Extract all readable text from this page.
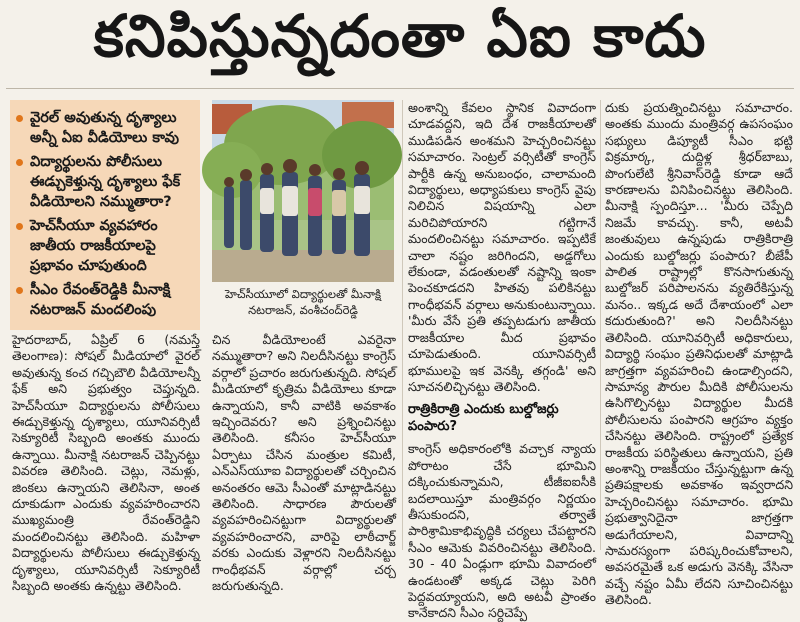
కనిపిస్తున్నదంతా ఏఐ కాదు
వైరల్ అవుతున్న దృశ్యాలు అన్నీ ఏఐ వీడియోలు కావు
విద్యార్థులను పోలీసులు ఈడ్చుకెళ్తున్న దృశ్యాలు ఫేక్ వీడియోలని నమ్ముతారా?
హెచ్‌సీయూ వ్యవహారం జాతీయ రాజకీయాలపై ప్రభావం చూపుతుంది
సీఎం రేవంత్‌రెడ్డికి మీనాక్షి నటరాజన్ మందలింపు

హైదరాబాద్, ఏప్రిల్ 6 (నమస్తే తెలంగాణ): సోషల్ మీడియాలో వైరల్ అవుతున్న కంచ గచ్చిబౌలి వీడియోలన్నీ ఫేక్ అని ప్రభుత్వం చెప్తున్నది. హెచ్‌సీయూ విద్యార్థులను పోలీసులు ఈడ్చుకెళ్తున్న దృశ్యాలు, యూనివర్సిటీ సెక్యూరిటీ సిబ్బంది అంతకు ముందు ఉన్నాయి. మీనాక్షి నటరాజన్ చెప్పినట్టు వివరణ తెలిసింది. చెట్లు, నెమళ్లు, జింకలు ఉన్నాయని తెలిసినా, అంత దూకుడుగా ఎందుకు వ్యవహరించారని ముఖ్యమంత్రి రేవంత్‌రెడ్డిని మందలించినట్టు తెలిసింది. మహిళా విద్యార్థులను పోలీసులు ఈడ్చుకెళ్తున్న దృశ్యాలు, యూనివర్సిటీ సెక్యూరిటీ సిబ్బంది అంతకు ఉన్నట్టు తెలిసింది.

హెచ్‌సీయూలో విద్యార్థులతో మీనాక్షి నటరాజన్, వంశీచంద్‌రెడ్డి

చిన వీడియోలంటే ఎవరైనా నమ్ముతారా? అని నిలదీసినట్టు కాంగ్రెస్ వర్గాలో ప్రచారం జరుగుతున్నది. సోషల్ మీడియాలో కృత్రిమ వీడియోలు కూడా ఉన్నాయని, కానీ వాటికి అవకాశం ఇచ్చిందెవరు? అని ప్రశ్నించినట్టు తెలిసింది. కనీసం హెచ్‌సీయూ ఏర్పాటు చేసిన మంత్రుల కమిటీ, ఎన్‌ఎస్‌యూఐ విద్యార్థులతో చర్చించిన అనంతరం ఆమె సీఎంతో మాట్లాడినట్టు తెలిసింది. సాధారణ పౌరులతో వ్యవహరించినట్టుగా విద్యార్థులతో వ్యవహరించారని, వారిపై లాఠీచార్జ్ వరకు ఎందుకు వెళ్లారని నిలదీసినట్టు గాంధీభవన్ వర్గాల్లో చర్చ జరుగుతున్నది.

అంశాన్ని కేవలం స్థానిక వివాదంగా చూడవద్దని, ఇది దేశ రాజకీయాలతో ముడిపడిన అంశమని హెచ్చరించినట్టు సమాచారం. సెంట్రల్ వర్సిటీతో కాంగ్రెస్ పార్టీకి ఉన్న అనుబంధం, చాలామంది విద్యార్థులు, అధ్యాపకులు కాంగ్రెస్ వైపు నిలిచిన విషయాన్ని ఎలా మరిచిపోయారని గట్టిగానే మందలించినట్టు సమాచారం. ఇప్పటికే చాలా నష్టం జరిగిందని, అడ్డగోలు లేకుండా, వడంతులతో నష్టాన్ని ఇంకా పెంచకూడదని హితవు పలికినట్టు గాంధీభవన్ వర్గాలు అనుకుంటున్నాయి. 'మీరు వేసే ప్రతి తప్పటడుగు జాతీయ రాజకీయాల మీద ప్రభావం చూపెడుతుంది. యూనివర్సిటీ భూములపై ఇక వెనక్కి తగ్గండి' అని సూచనలిచ్చినట్టు తెలిసింది.

రాత్రికిరాత్రి ఎందుకు బుల్డోజర్లు పంపారు?

కాంగ్రెస్ అధికారంలోకి వచ్చాక న్యాయ పోరాటం చేసే భూమిని దక్కించుకున్నామని, టీజీఐఐసీకి బదలాయిస్తూ మంత్రివర్గం నిర్ణయం తీసుకుందని, తర్వాతే పారిశ్రామికాభివృద్ధికి చర్యలు చేపట్టారని సీఎం ఆమెకు వివరించినట్టు తెలిసింది. 30 - 40 ఏండ్లుగా భూమి వివాదంలో ఉండటంతో అక్కడ చెట్లు పెరిగి పెద్దవయ్యాయని, అది అటవీ ప్రాంతం కానేకాదని సీఎం సర్దిచెప్పే

దుకు ప్రయత్నించినట్టు సమాచారం. అంతకు ముందు మంత్రివర్గ ఉపసంఘం సభ్యులు డిప్యూటీ సీఎం భట్టి విక్రమార్క, దుద్దిళ్ల శ్రీధర్‌బాబు, పొంగులేటి శ్రీనివాస్‌రెడ్డి కూడా ఆదే కారణాలను వినిపించినట్టు తెలిసింది. మీనాక్షి స్పందిస్తూ... 'మీరు చెప్పేది నిజమే కావచ్చు. కానీ, అటవీ జంతువులు ఉన్నపుడు రాత్రికిరాత్రి ఎందుకు బుల్డోజర్లు పంపారు? బీజేపీ పాలిత రాష్ట్రాల్లో కొనసాగుతున్న బుల్డోజర్ పరిపాలనను వ్యతిరేకిస్తున్న మనం.. ఇక్కడ అదే దేశాయంలో ఎలా కదురుతుంది?' అని నిలదీసినట్టు తెలిసింది. యూనివర్సిటీ అధికారులు, విద్యార్థి సంఘం ప్రతినిధులతో మాట్లాడి జాగ్రత్తగా వ్యవహరించి ఉండాల్సిందని, సామాన్య పౌరుల మీదికి పోలీసులను ఉసిగొల్పినట్టు విద్యార్థుల మీదకి పోలీసులను పంపారని ఆగ్రహం వ్యక్తం చేసినట్టు తెలిసింది. రాష్ట్రంలో ప్రత్యేక రాజకీయ పరిస్థితులు ఉన్నాయని, ప్రతి అంశాన్ని రాజకీయం చేస్తున్నట్టుగా ఉన్న ప్రతిపక్షాలకు అవకాశం ఇవ్వరాదని హెచ్చరించినట్టు సమాచారం. భూమి ప్రభుత్వానిదైనా జాగ్రత్తగా అడుగేయాలని, వివాదాన్ని సామరస్యంగా పరిష్కరించుకోవాలని, అవసరమైతే ఒక అడుగు వెనక్కి వేసినా వచ్చే నష్టం ఏమీ లేదని సూచించినట్టు తెలిసింది.
